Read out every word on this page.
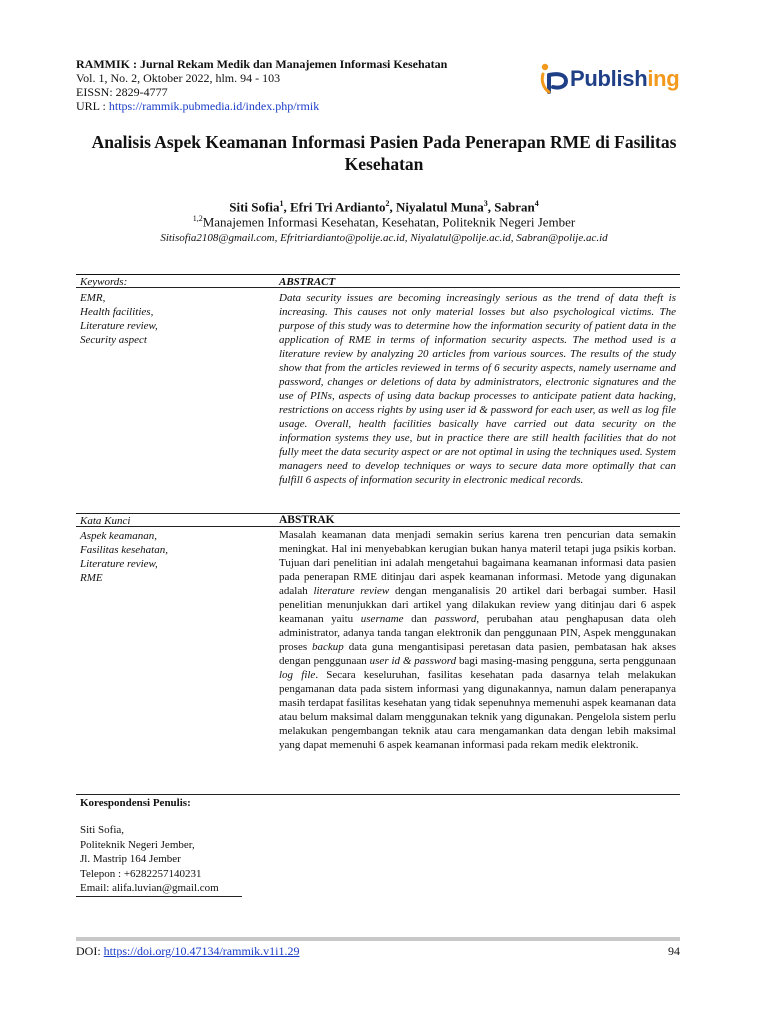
RAMMIK : Jurnal Rekam Medik dan Manajemen Informasi Kesehatan
Vol. 1, No. 2, Oktober 2022, hlm. 94 - 103
EISSN: 2829-4777
URL : https://rammik.pubmedia.id/index.php/rmik
Publishing
Analisis Aspek Keamanan Informasi Pasien Pada Penerapan RME di Fasilitas Kesehatan
Siti Sofia$^1$, Efri Tri Ardianto$^2$, Niyalatul Muna$^3$, Sabran$^4$
$^{1,2}$Manajemen Informasi Kesehatan, Kesehatan, Politeknik Negeri Jember
Sitisofia2108@gmail.com, Efritriardianto@polije.ac.id, Niyalatul@polije.ac.id, Sabran@polije.ac.id
Keywords:
EMR,
Health facilities,
Literature review,
Security aspect
ABSTRACT
Data security issues are becoming increasingly serious as the trend of data theft is increasing. This causes not only material losses but also psychological victims. The purpose of this study was to determine how the information security of patient data in the application of RME in terms of information security aspects. The method used is a literature review by analyzing 20 articles from various sources. The results of the study show that from the articles reviewed in terms of 6 security aspects, namely username and password, changes or deletions of data by administrators, electronic signatures and the use of PINs, aspects of using data backup processes to anticipate patient data hacking, restrictions on access rights by using user id & password for each user, as well as log file usage. Overall, health facilities basically have carried out data security on the information systems they use, but in practice there are still health facilities that do not fully meet the data security aspect or are not optimal in using the techniques used. System managers need to develop techniques or ways to secure data more optimally that can fulfill 6 aspects of information security in electronic medical records.
Kata Kunci
Aspek keamanan,
Fasilitas kesehatan,
Literature review,
RME
ABSTRAK
Masalah keamanan data menjadi semakin serius karena tren pencurian data semakin meningkat. Hal ini menyebabkan kerugian bukan hanya materil tetapi juga psikis korban. Tujuan dari penelitian ini adalah mengetahui bagaimana keamanan informasi data pasien pada penerapan RME ditinjau dari aspek keamanan informasi. Metode yang digunakan adalah literature review dengan menganalisis 20 artikel dari berbagai sumber. Hasil penelitian menunjukkan dari artikel yang dilakukan review yang ditinjau dari 6 aspek keamanan yaitu username dan password, perubahan atau penghapusan data oleh administrator, adanya tanda tangan elektronik dan penggunaan PIN, Aspek menggunakan proses backup data guna mengantisipasi peretasan data pasien, pembatasan hak akses dengan penggunaan user id & password bagi masing-masing pengguna, serta penggunaan log file. Secara keseluruhan, fasilitas kesehatan pada dasarnya telah melakukan pengamanan data pada sistem informasi yang digunakannya, namun dalam penerapanya masih terdapat fasilitas kesehatan yang tidak sepenuhnya memenuhi aspek keamanan data atau belum maksimal dalam menggunakan teknik yang digunakan. Pengelola sistem perlu melakukan pengembangan teknik atau cara mengamankan data dengan lebih maksimal yang dapat memenuhi 6 aspek keamanan informasi pada rekam medik elektronik.
Korespondensi Penulis:
Siti Sofia,
Politeknik Negeri Jember,
Jl. Mastrip 164 Jember
Telepon : +6282257140231
Email: alifa.luvian@gmail.com
DOI: https://doi.org/10.47134/rammik.v1i1.29	94
